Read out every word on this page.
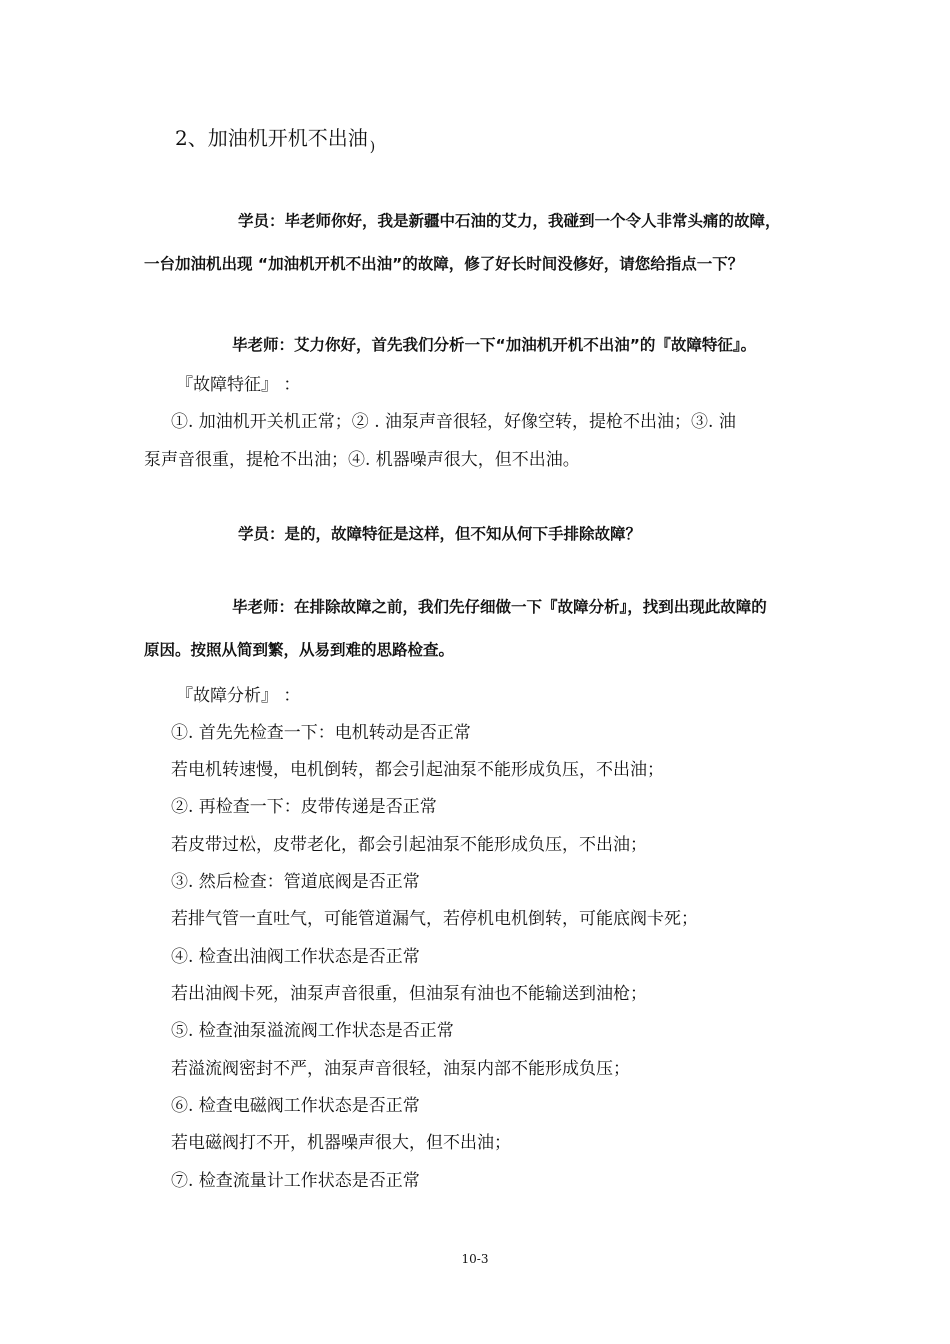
2、加油机开机不出油 $_)$
学员：毕老师你好，我是新疆中石油的艾力，我碰到一个令人非常头痛的故障，
一台加油机出现 “加油机开机不出油”的故障，修了好长时间没修好，请您给指点一下？
毕老师：艾力你好，首先我们分析一下“加油机开机不出油”的『故障特征』。
『故障特征』 ：
①. 加油机开关机正常；② . 油泵声音很轻，好像空转，提枪不出油；③. 油
泵声音很重，提枪不出油；④. 机器噪声很大，但不出油。
学员：是的，故障特征是这样，但不知从何下手排除故障？
毕老师：在排除故障之前，我们先仔细做一下『故障分析』，找到出现此故障的
原因。按照从简到繁，从易到难的思路检查。
『故障分析』 ：
①. 首先先检查一下：电机转动是否正常
若电机转速慢，电机倒转，都会引起油泵不能形成负压，不出油；
②. 再检查一下：皮带传递是否正常
若皮带过松，皮带老化，都会引起油泵不能形成负压，不出油；
③. 然后检查：管道底阀是否正常
若排气管一直吐气，可能管道漏气，若停机电机倒转，可能底阀卡死；
④. 检查出油阀工作状态是否正常
若出油阀卡死，油泵声音很重，但油泵有油也不能输送到油枪；
⑤. 检查油泵溢流阀工作状态是否正常
若溢流阀密封不严，油泵声音很轻，油泵内部不能形成负压；
⑥. 检查电磁阀工作状态是否正常
若电磁阀打不开，机器噪声很大，但不出油；
⑦. 检查流量计工作状态是否正常
10-3
